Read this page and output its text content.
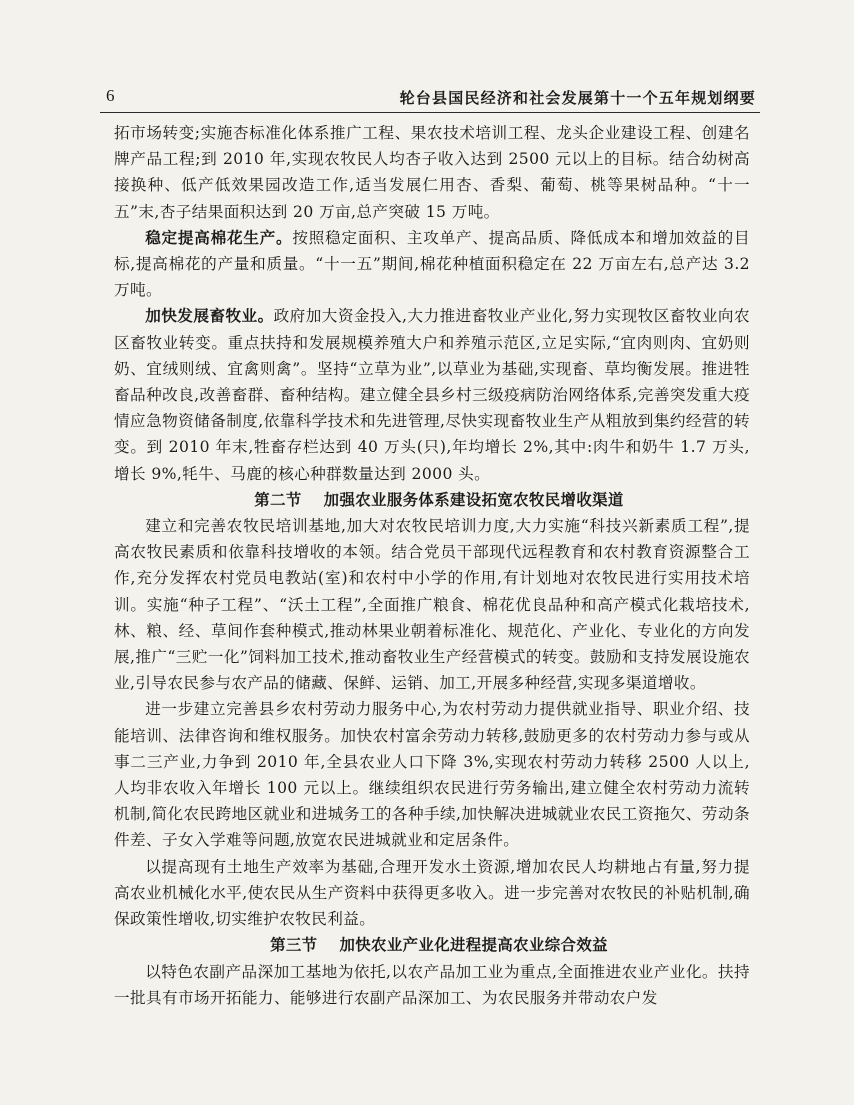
6	轮台县国民经济和社会发展第十一个五年规划纲要

拓市场转变;实施杏标准化体系推广工程、果农技术培训工程、龙头企业建设工程、创建名牌产品工程;到 2010 年,实现农牧民人均杏子收入达到 2500 元以上的目标。结合幼树高接换种、低产低效果园改造工作,适当发展仁用杏、香梨、葡萄、桃等果树品种。“十一五”末,杏子结果面积达到 20 万亩,总产突破 15 万吨。

稳定提高棉花生产。按照稳定面积、主攻单产、提高品质、降低成本和增加效益的目标,提高棉花的产量和质量。“十一五”期间,棉花种植面积稳定在 22 万亩左右,总产达 3.2 万吨。

加快发展畜牧业。政府加大资金投入,大力推进畜牧业产业化,努力实现牧区畜牧业向农区畜牧业转变。重点扶持和发展规模养殖大户和养殖示范区,立足实际,“宜肉则肉、宜奶则奶、宜绒则绒、宜禽则禽”。坚持“立草为业”,以草业为基础,实现畜、草均衡发展。推进牲畜品种改良,改善畜群、畜种结构。建立健全县乡村三级疫病防治网络体系,完善突发重大疫情应急物资储备制度,依靠科学技术和先进管理,尽快实现畜牧业生产从粗放到集约经营的转变。到 2010 年末,牲畜存栏达到 40 万头(只),年均增长 2%,其中:肉牛和奶牛 1.7 万头,增长 9%,牦牛、马鹿的核心种群数量达到 2000 头。

第二节 加强农业服务体系建设拓宽农牧民增收渠道

建立和完善农牧民培训基地,加大对农牧民培训力度,大力实施“科技兴新素质工程”,提高农牧民素质和依靠科技增收的本领。结合党员干部现代远程教育和农村教育资源整合工作,充分发挥农村党员电教站(室)和农村中小学的作用,有计划地对农牧民进行实用技术培训。实施“种子工程”、“沃土工程”,全面推广粮食、棉花优良品种和高产模式化栽培技术,林、粮、经、草间作套种模式,推动林果业朝着标准化、规范化、产业化、专业化的方向发展,推广“三贮一化”饲料加工技术,推动畜牧业生产经营模式的转变。鼓励和支持发展设施农业,引导农民参与农产品的储藏、保鲜、运销、加工,开展多种经营,实现多渠道增收。

进一步建立完善县乡农村劳动力服务中心,为农村劳动力提供就业指导、职业介绍、技能培训、法律咨询和维权服务。加快农村富余劳动力转移,鼓励更多的农村劳动力参与或从事二三产业,力争到 2010 年,全县农业人口下降 3%,实现农村劳动力转移 2500 人以上,人均非农收入年增长 100 元以上。继续组织农民进行劳务输出,建立健全农村劳动力流转机制,简化农民跨地区就业和进城务工的各种手续,加快解决进城就业农民工资拖欠、劳动条件差、子女入学难等问题,放宽农民进城就业和定居条件。

以提高现有土地生产效率为基础,合理开发水土资源,增加农民人均耕地占有量,努力提高农业机械化水平,使农民从生产资料中获得更多收入。进一步完善对农牧民的补贴机制,确保政策性增收,切实维护农牧民利益。

第三节 加快农业产业化进程提高农业综合效益

以特色农副产品深加工基地为依托,以农产品加工业为重点,全面推进农业产业化。扶持一批具有市场开拓能力、能够进行农副产品深加工、为农民服务并带动农户发
